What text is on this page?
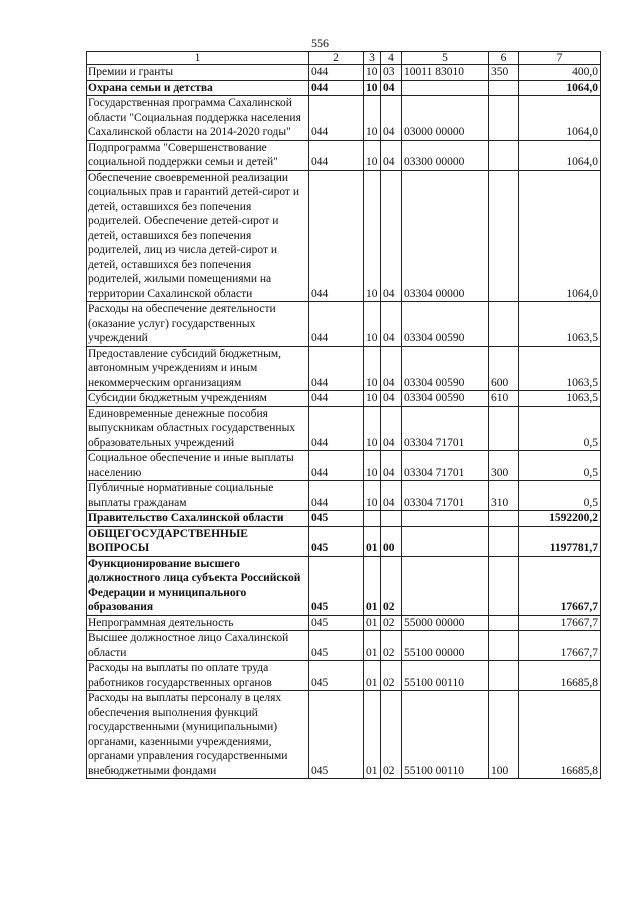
556
1	2	3	4	5	6	7
Премии и гранты	044	10	03	10011 83010	350	400,0
Охрана семьи и детства	044	10	04			1064,0
Государственная программа Сахалинской области "Социальная поддержка населения Сахалинской области на 2014-2020 годы"	044	10	04	03000 00000		1064,0
Подпрограмма "Совершенствование социальной поддержки семьи и детей"	044	10	04	03300 00000		1064,0
Обеспечение своевременной реализации социальных прав и гарантий детей-сирот и детей, оставшихся без попечения родителей. Обеспечение детей-сирот и детей, оставшихся без попечения родителей, лиц из числа детей-сирот и детей, оставшихся без попечения родителей, жилыми помещениями на территории Сахалинской области	044	10	04	03304 00000		1064,0
Расходы на обеспечение деятельности (оказание услуг) государственных учреждений	044	10	04	03304 00590		1063,5
Предоставление субсидий бюджетным, автономным учреждениям и иным некоммерческим организациям	044	10	04	03304 00590	600	1063,5
Субсидии бюджетным учреждениям	044	10	04	03304 00590	610	1063,5
Единовременные денежные пособия выпускникам областных государственных образовательных учреждений	044	10	04	03304 71701		0,5
Социальное обеспечение и иные выплаты населению	044	10	04	03304 71701	300	0,5
Публичные нормативные социальные выплаты гражданам	044	10	04	03304 71701	310	0,5
Правительство Сахалинской области	045					1592200,2
ОБЩЕГОСУДАРСТВЕННЫЕ ВОПРОСЫ	045	01	00			1197781,7
Функционирование высшего должностного лица субъекта Российской Федерации и муниципального образования	045	01	02			17667,7
Непрограммная деятельность	045	01	02	55000 00000		17667,7
Высшее должностное лицо Сахалинской области	045	01	02	55100 00000		17667,7
Расходы на выплаты по оплате труда работников государственных органов	045	01	02	55100 00110		16685,8
Расходы на выплаты персоналу в целях обеспечения выполнения функций государственными (муниципальными) органами, казенными учреждениями, органами управления государственными внебюджетными фондами	045	01	02	55100 00110	100	16685,8
